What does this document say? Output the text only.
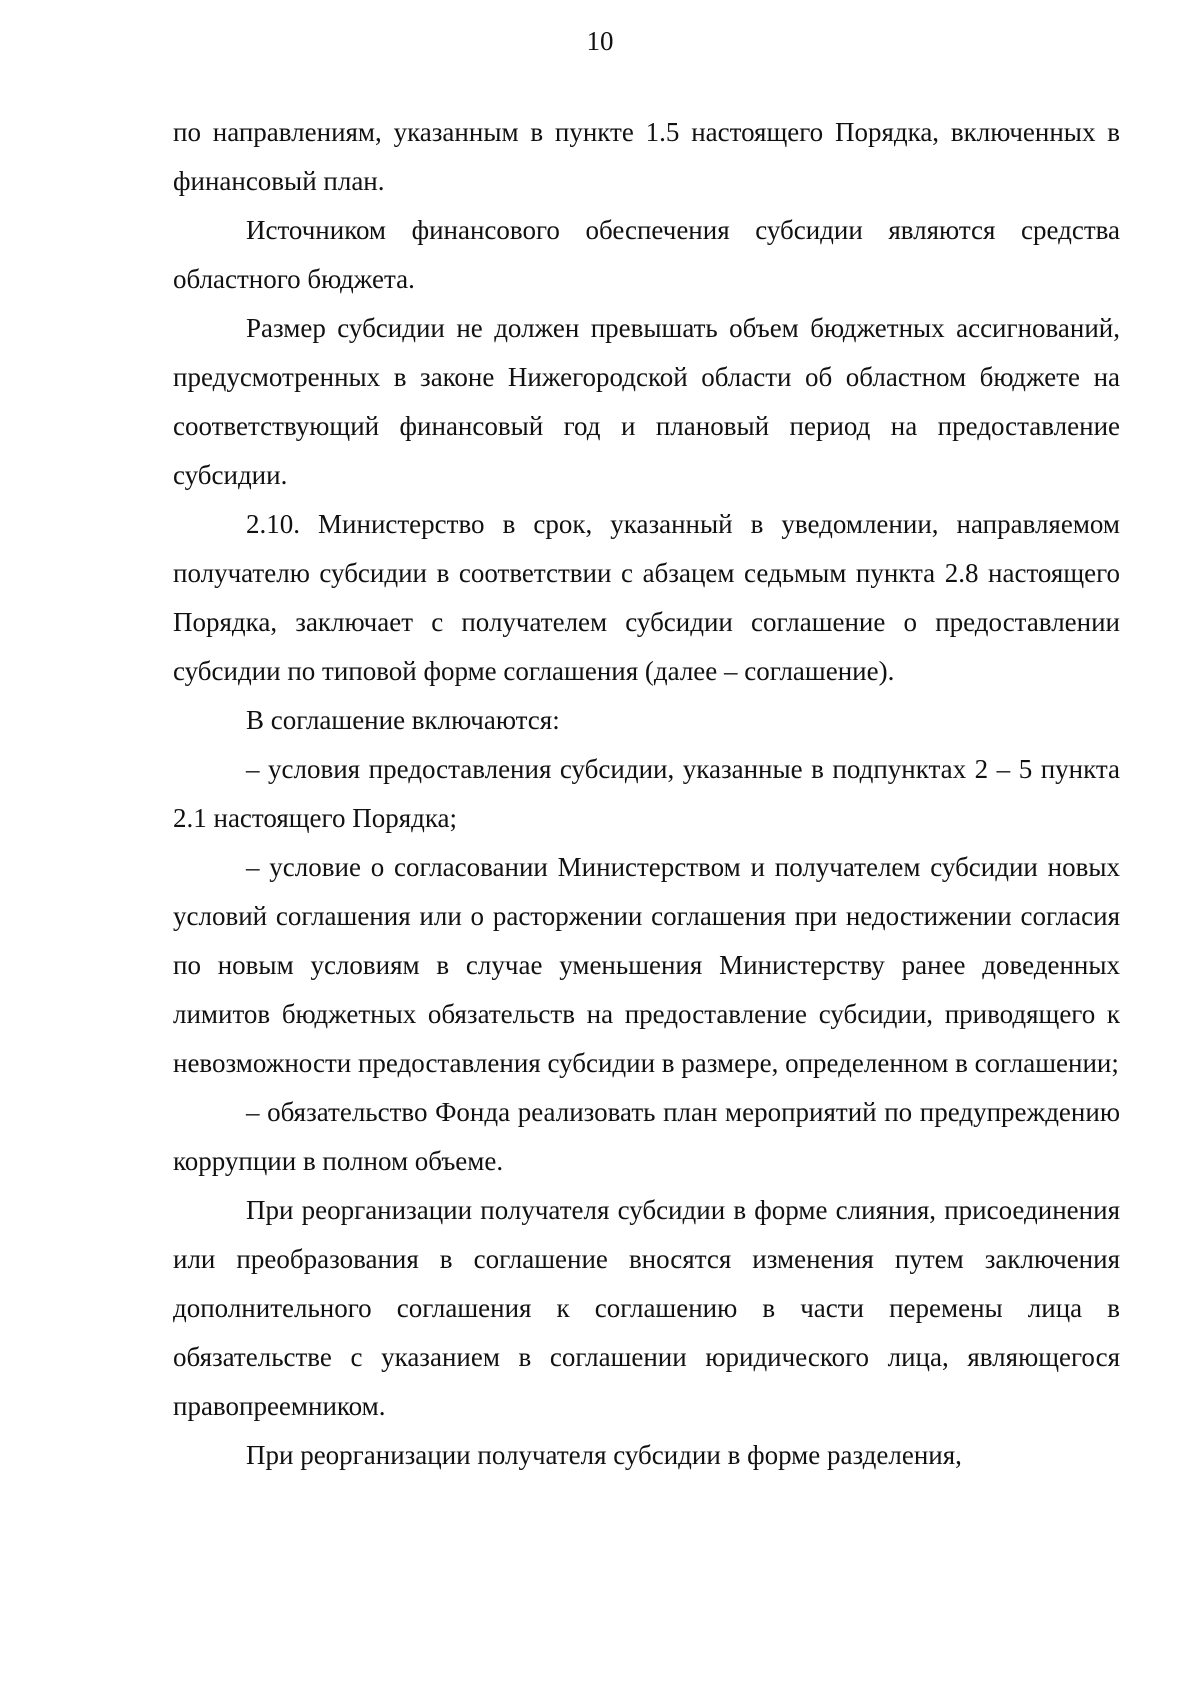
10

по направлениям, указанным в пункте 1.5 настоящего Порядка, включенных в финансовый план.

Источником финансового обеспечения субсидии являются средства областного бюджета.

Размер субсидии не должен превышать объем бюджетных ассигнований, предусмотренных в законе Нижегородской области об областном бюджете на соответствующий финансовый год и плановый период на предоставление субсидии.

2.10. Министерство в срок, указанный в уведомлении, направляемом получателю субсидии в соответствии с абзацем седьмым пункта 2.8 настоящего Порядка, заключает с получателем субсидии соглашение о предоставлении субсидии по типовой форме соглашения (далее – соглашение).

В соглашение включаются:

– условия предоставления субсидии, указанные в подпунктах 2 – 5 пункта 2.1 настоящего Порядка;

– условие о согласовании Министерством и получателем субсидии новых условий соглашения или о расторжении соглашения при недостижении согласия по новым условиям в случае уменьшения Министерству ранее доведенных лимитов бюджетных обязательств на предоставление субсидии, приводящего к невозможности предоставления субсидии в размере, определенном в соглашении;

– обязательство Фонда реализовать план мероприятий по предупреждению коррупции в полном объеме.

При реорганизации получателя субсидии в форме слияния, присоединения или преобразования в соглашение вносятся изменения путем заключения дополнительного соглашения к соглашению в части перемены лица в обязательстве с указанием в соглашении юридического лица, являющегося правопреемником.

При реорганизации получателя субсидии в форме разделения,
